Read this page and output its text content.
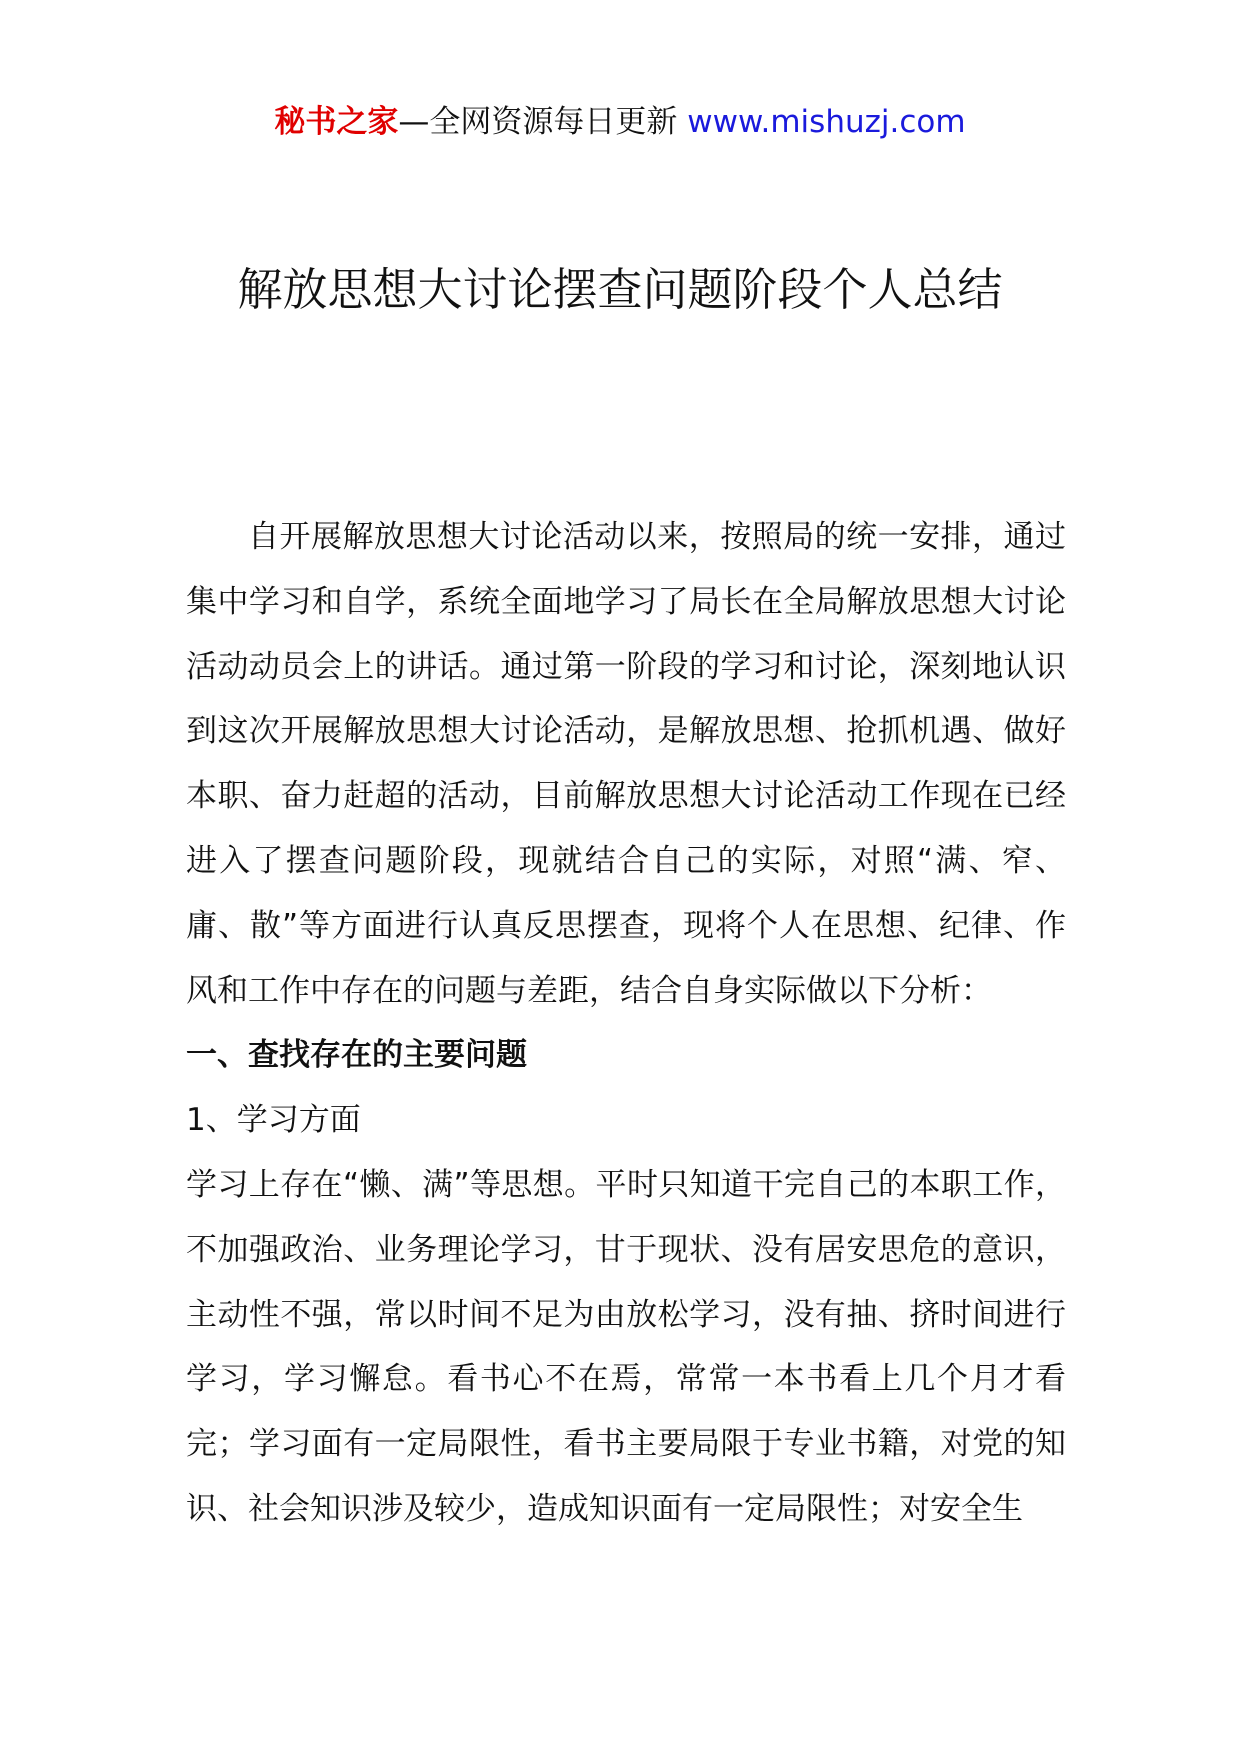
秘书之家—全网资源每日更新 www.mishuzj.com
解放思想大讨论摆查问题阶段个人总结

自开展解放思想大讨论活动以来，按照局的统一安排，通过集中学习和自学，系统全面地学习了局长在全局解放思想大讨论活动动员会上的讲话。通过第一阶段的学习和讨论，深刻地认识到这次开展解放思想大讨论活动，是解放思想、抢抓机遇、做好本职、奋力赶超的活动，目前解放思想大讨论活动工作现在已经进入了摆查问题阶段，现就结合自己的实际，对照“满、窄、庸、散”等方面进行认真反思摆查，现将个人在思想、纪律、作风和工作中存在的问题与差距，结合自身实际做以下分析：

一、查找存在的主要问题

1、学习方面

学习上存在“懒、满”等思想。平时只知道干完自己的本职工作，不加强政治、业务理论学习，甘于现状、没有居安思危的意识，主动性不强，常以时间不足为由放松学习，没有抽、挤时间进行学习，学习懈怠。看书心不在焉，常常一本书看上几个月才看完；学习面有一定局限性，看书主要局限于专业书籍，对党的知识、社会知识涉及较少，造成知识面有一定局限性；对安全生
